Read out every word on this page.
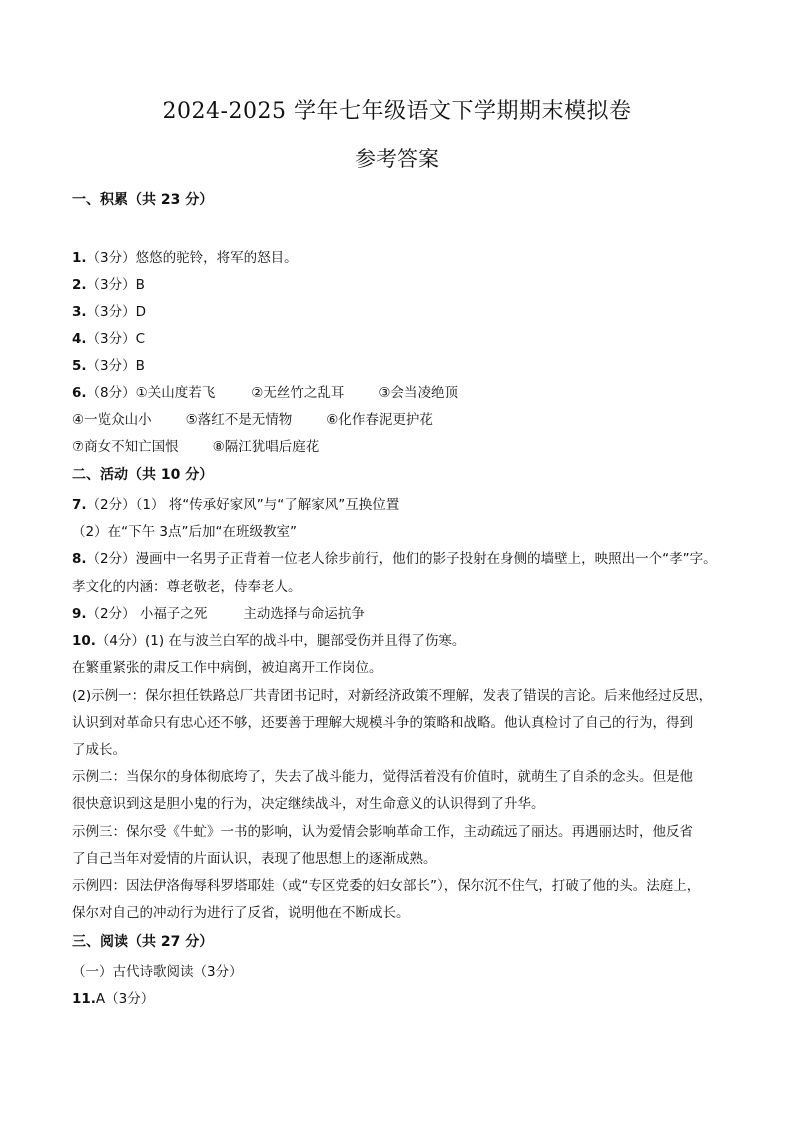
2024-2025 学年七年级语文下学期期末模拟卷
参考答案
一、积累（共 23 分）
1.（3分）悠悠的驼铃，将军的怒目。
2.（3分）B
3.（3分）D
4.（3分）C
5.（3分）B
6.（8分）①关山度若飞	②无丝竹之乱耳	③会当凌绝顶
④一览众山小	⑤落红不是无情物	⑥化作春泥更护花
⑦商女不知亡国恨	⑧隔江犹唱后庭花
二、活动（共 10 分）
7.（2分）（1） 将“传承好家风”与“了解家风”互换位置
（2）在“下午 3点”后加“在班级教室”
8.（2分）漫画中一名男子正背着一位老人徐步前行，他们的影子投射在身侧的墙壁上，映照出一个“孝”字。
孝文化的内涵：尊老敬老，侍奉老人。
9.（2分） 小福子之死	主动选择与命运抗争
10.（4分）(1) 在与波兰白军的战斗中，腿部受伤并且得了伤寒。
在繁重紧张的肃反工作中病倒，被迫离开工作岗位。
(2)示例一：保尔担任铁路总厂共青团书记时，对新经济政策不理解，发表了错误的言论。后来他经过反思，
认识到对革命只有忠心还不够，还要善于理解大规模斗争的策略和战略。他认真检讨了自己的行为，得到
了成长。
示例二：当保尔的身体彻底垮了，失去了战斗能力，觉得活着没有价值时，就萌生了自杀的念头。但是他
很快意识到这是胆小鬼的行为，决定继续战斗，对生命意义的认识得到了升华。
示例三：保尔受《牛虻》一书的影响，认为爱情会影响革命工作，主动疏远了丽达。再遇丽达时，他反省
了自己当年对爱情的片面认识，表现了他思想上的逐渐成熟。
示例四：因法伊洛侮辱科罗塔耶娃（或“专区党委的妇女部长”），保尔沉不住气，打破了他的头。法庭上，
保尔对自己的冲动行为进行了反省，说明他在不断成长。
三、阅读（共 27 分）
（一）古代诗歌阅读（3分）
11.A（3分）
